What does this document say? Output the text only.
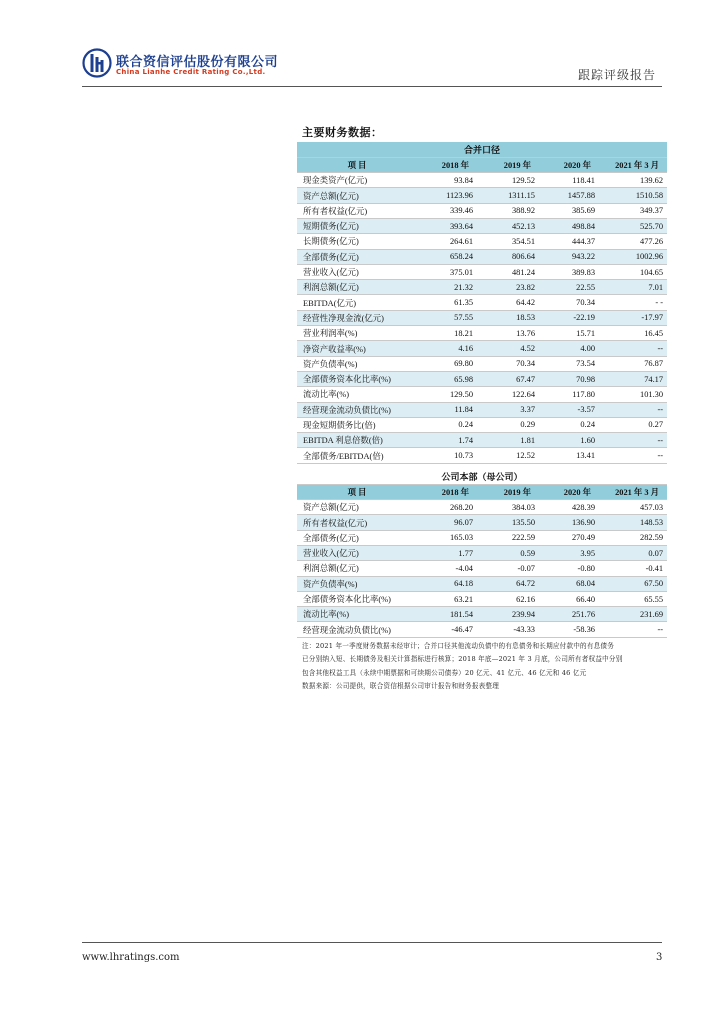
联合资信评估股份有限公司
China Lianhe Credit Rating Co.,Ltd.	跟踪评级报告
主要财务数据：
合并口径				
项 目	2018 年	2019 年	2020 年	2021 年 3 月
现金类资产(亿元)	93.84	129.52	118.41	139.62
资产总额(亿元)	1123.96	1311.15	1457.88	1510.58
所有者权益(亿元)	339.46	388.92	385.69	349.37
短期债务(亿元)	393.64	452.13	498.84	525.70
长期债务(亿元)	264.61	354.51	444.37	477.26
全部债务(亿元)	658.24	806.64	943.22	1002.96
营业收入(亿元)	375.01	481.24	389.83	104.65
利润总额(亿元)	21.32	23.82	22.55	7.01
EBITDA(亿元)	61.35	64.42	70.34	- -
经营性净现金流(亿元)	57.55	18.53	-22.19	-17.97
营业利润率(%)	18.21	13.76	15.71	16.45
净资产收益率(%)	4.16	4.52	4.00	--
资产负债率(%)	69.80	70.34	73.54	76.87
全部债务资本化比率(%)	65.98	67.47	70.98	74.17
流动比率(%)	129.50	122.64	117.80	101.30
经营现金流动负债比(%)	11.84	3.37	-3.57	--
现金短期债务比(倍)	0.24	0.29	0.24	0.27
EBITDA 利息倍数(倍)	1.74	1.81	1.60	--
全部债务/EBITDA(倍)	10.73	12.52	13.41	--
公司本部（母公司）				
项 目	2018 年	2019 年	2020 年	2021 年 3 月
资产总额(亿元)	268.20	384.03	428.39	457.03
所有者权益(亿元)	96.07	135.50	136.90	148.53
全部债务(亿元)	165.03	222.59	270.49	282.59
营业收入(亿元)	1.77	0.59	3.95	0.07
利润总额(亿元)	-4.04	-0.07	-0.80	-0.41
资产负债率(%)	64.18	64.72	68.04	67.50
全部债务资本化比率(%)	63.21	62.16	66.40	65.55
流动比率(%)	181.54	239.94	251.76	231.69
经营现金流动负债比(%)	-46.47	-43.33	-58.36	--
注：2021 年一季度财务数据未经审计；合并口径其他流动负债中的有息债务和长期应付款中的有息债务
已分别纳入短、长期债务及相关计算指标进行核算；2018 年底—2021 年 3 月底，公司所有者权益中分别
包含其他权益工具（永续中期票据和可续期公司债券）20 亿元、41 亿元、46 亿元和 46 亿元
数据来源：公司提供，联合资信根据公司审计报告和财务报表整理
www.lhratings.com	3
